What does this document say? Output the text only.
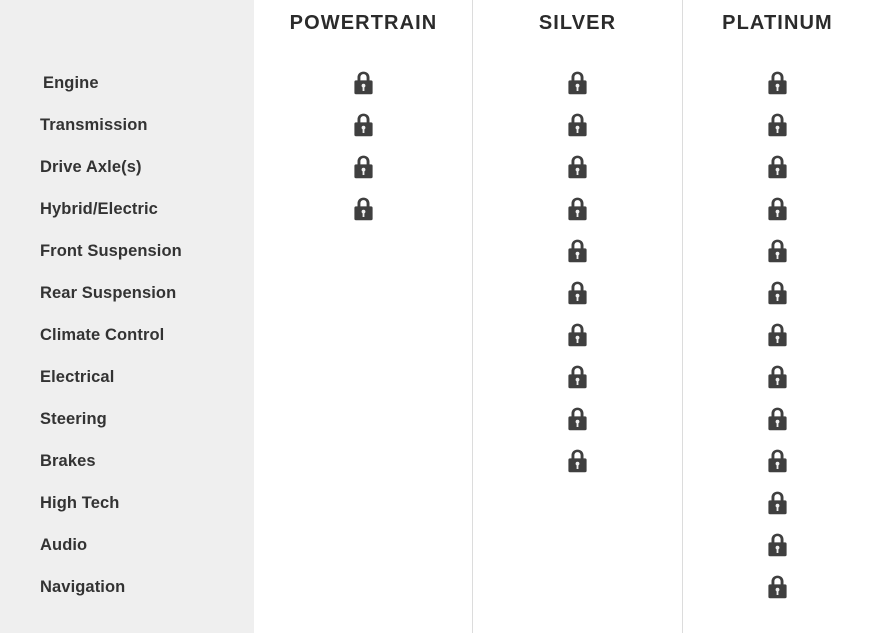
Engine
Transmission
Drive Axle(s)
Hybrid/Electric
Front Suspension
Rear Suspension
Climate Control
Electrical
Steering
Brakes
High Tech
Audio
Navigation
POWERTRAIN	SILVER	PLATINUM
